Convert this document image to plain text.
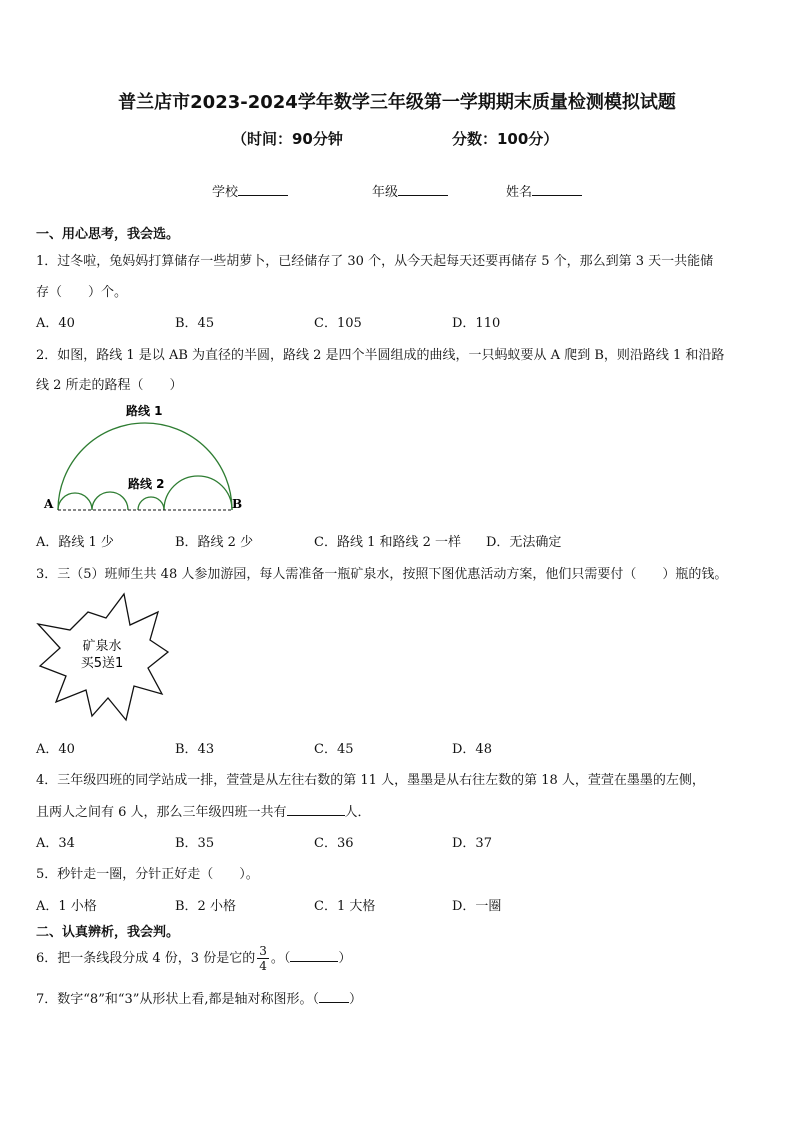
普兰店市2023-2024学年数学三年级第一学期期末质量检测模拟试题
（时间：90分钟	分数：100分）
学校	年级	姓名
一、用心思考，我会选。
1．过冬啦，兔妈妈打算储存一些胡萝卜，已经储存了 30 个，从今天起每天还要再储存 5 个，那么到第 3 天一共能储
存（　　）个。
A．40	B．45	C．105	D．110
2．如图，路线 1 是以 AB 为直径的半圆，路线 2 是四个半圆组成的曲线，一只蚂蚁要从 A 爬到 B，则沿路线 1 和沿路
线 2 所走的路程（　　）
路线 1
路线 2
A	B
A．路线 1 少	B．路线 2 少	C．路线 1 和路线 2 一样 D．无法确定
3．三（5）班师生共 48 人参加游园，每人需准备一瓶矿泉水，按照下图优惠活动方案，他们只需要付（　　）瓶的钱。
矿泉水
买5送1
A．40	B．43	C．45	D．48
4．三年级四班的同学站成一排，萱萱是从左往右数的第 11 人，墨墨是从右往左数的第 18 人，萱萱在墨墨的左侧，
且两人之间有 6 人，那么三年级四班一共有	人．
A．34	B．35	C．36	D．37
5．秒针走一圈，分针正好走（　　）。
A．1 小格	B．2 小格	C．1 大格	D．一圈
二、认真辨析，我会判。
6．把一条线段分成 4 份，3 份是它的 $\frac{3}{4}$ 。（	）
7．数字“8”和“3”从形状上看,都是轴对称图形。（ ）
